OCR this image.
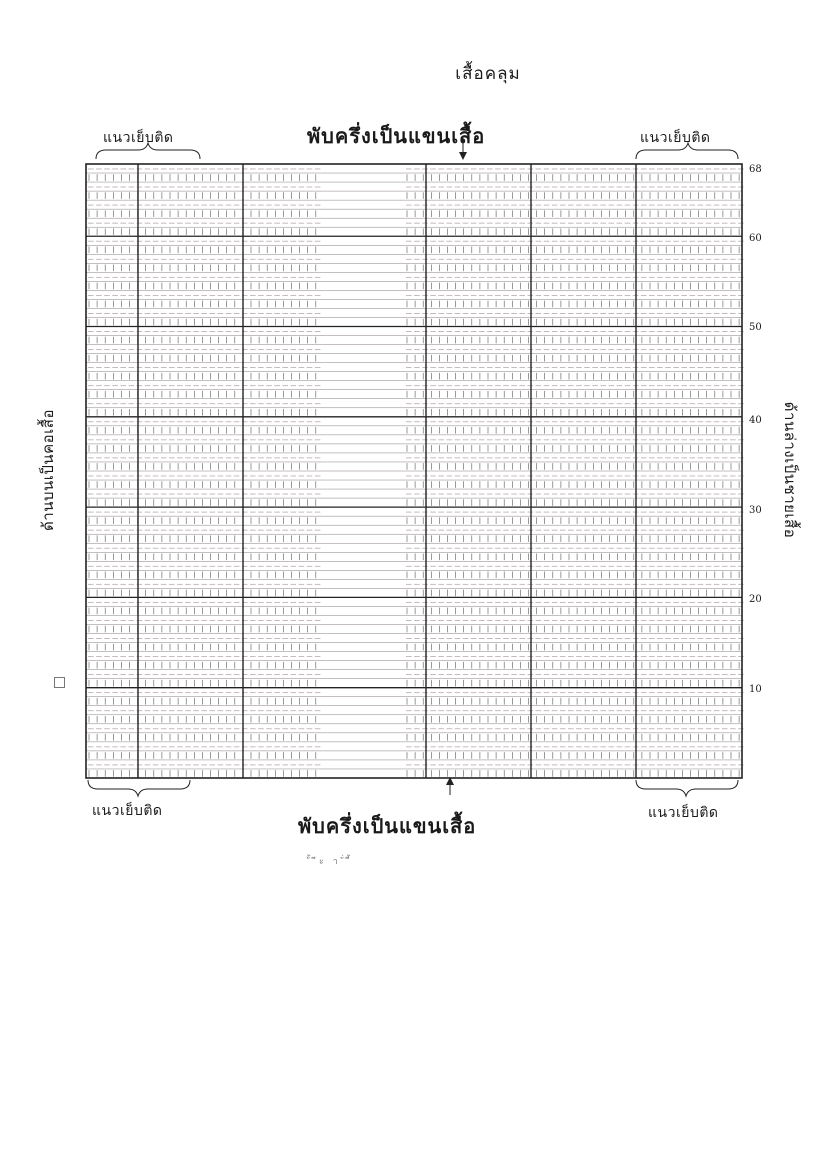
เสื้อคลุม
แนวเย็บติด	พับครึ่งเป็นแขนเสื้อ	แนวเย็บติด
แนวเย็บติด
พับครึ่งเป็นแขนเสื้อ
แนวเย็บติด
ั้ ีะ า ั่ ี้
ด้านบนเป็นคอเสื้อ	ด้านล่างเป็นชายเสื้อ
68
60
50
40
30
20
10
